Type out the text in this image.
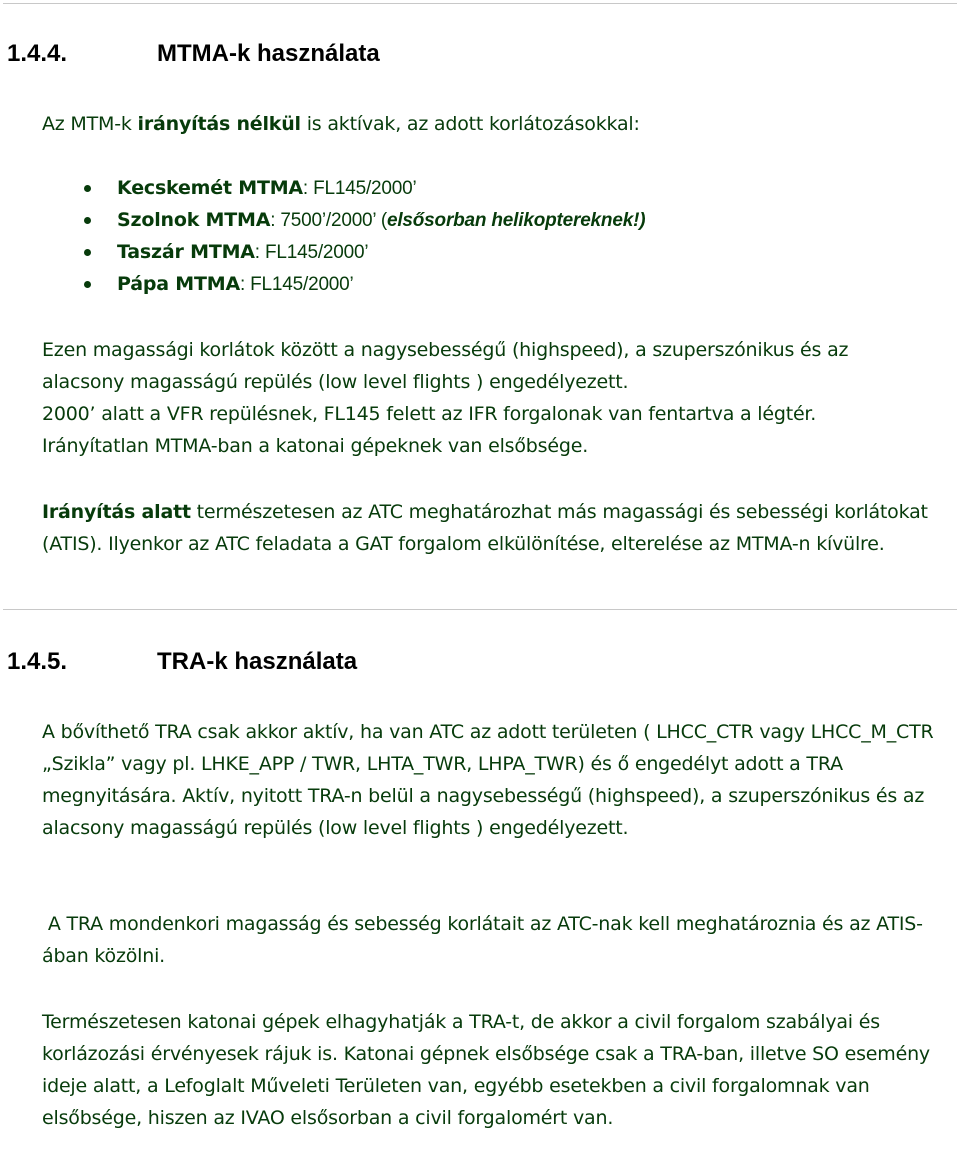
1.4.4.	MTMA-k használata
Az MTM-k irányítás nélkül is aktívak, az adott korlátozásokkal:
Kecskemét MTMA: FL145/2000’
Szolnok MTMA: 7500’/2000’ (elsősorban helikoptereknek!)
Taszár MTMA: FL145/2000’
Pápa MTMA: FL145/2000’
Ezen magassági korlátok között a nagysebességű (highspeed), a szuperszónikus és az
alacsony magasságú repülés (low level flights ) engedélyezett.
2000’ alatt a VFR repülésnek, FL145 felett az IFR forgalonak van fentartva a légtér.
Irányítatlan MTMA-ban a katonai gépeknek van elsőbsége.
Irányítás alatt természetesen az ATC meghatározhat más magassági és sebességi korlátokat (ATIS). Ilyenkor az ATC feladata a GAT forgalom elkülönítése, elterelése az MTMA-n kívülre.
1.4.5.	TRA-k használata
A bővíthető TRA csak akkor aktív, ha van ATC az adott területen ( LHCC_CTR vagy LHCC_M_CTR „Szikla” vagy pl. LHKE_APP / TWR, LHTA_TWR, LHPA_TWR) és ő engedélyt adott a TRA megnyitására. Aktív, nyitott TRA-n belül a nagysebességű (highspeed), a szuperszónikus és az alacsony magasságú repülés (low level flights ) engedélyezett.
A TRA mondenkori magasság és sebesség korlátait az ATC-nak kell meghatároznia és az ATIS-ában közölni.
Természetesen katonai gépek elhagyhatják a TRA-t, de akkor a civil forgalom szabályai és korlázozási érvényesek rájuk is. Katonai gépnek elsőbsége csak a TRA-ban, illetve SO esemény ideje alatt, a Lefoglalt Műveleti Területen van, egyébb esetekben a civil forgalomnak van elsőbsége, hiszen az IVAO elsősorban a civil forgalomért van.
